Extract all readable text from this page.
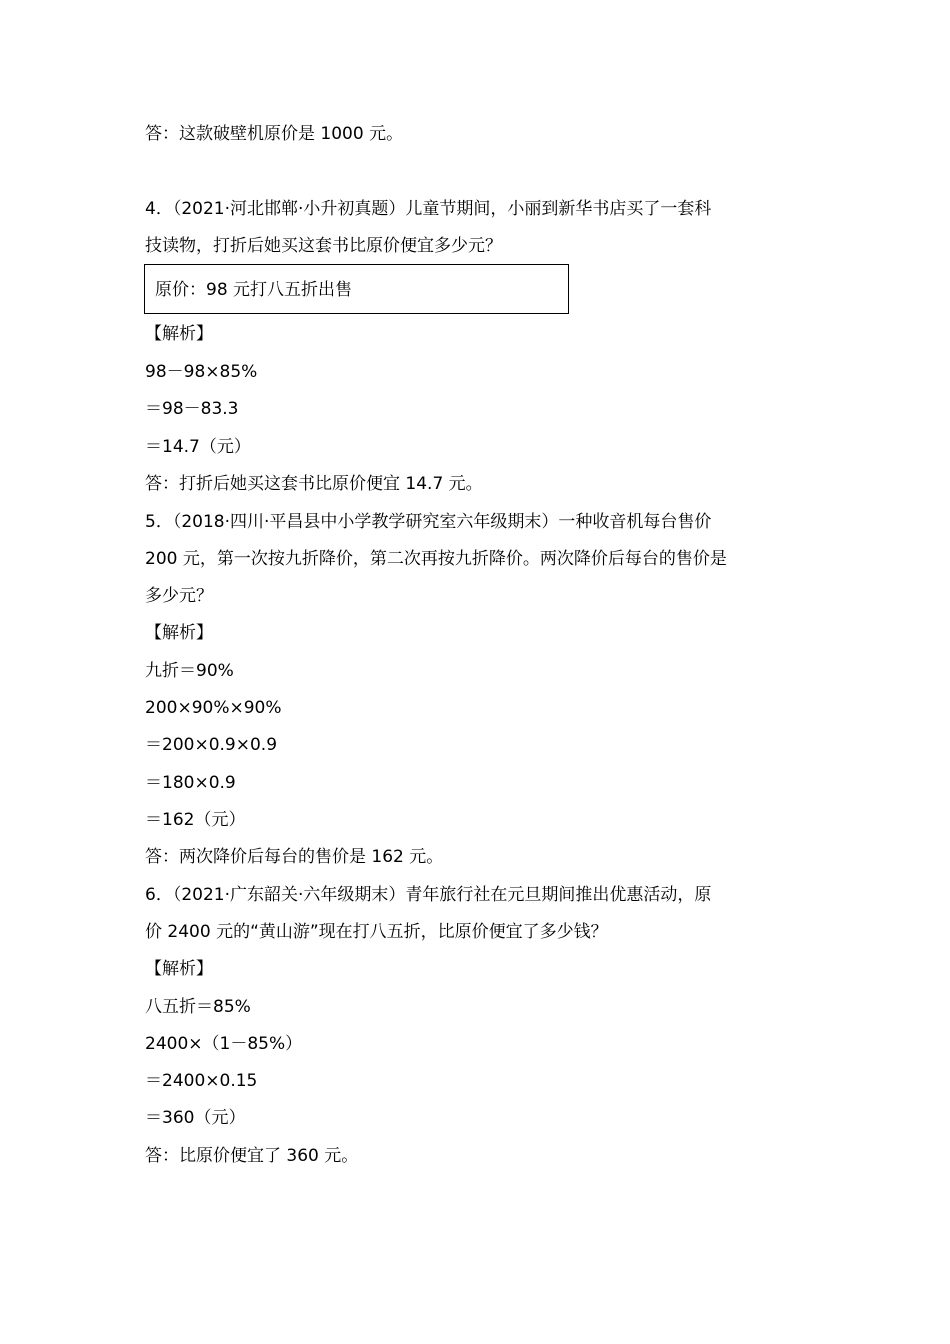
答：这款破壁机原价是 1000 元。
4．（2021·河北邯郸·小升初真题）儿童节期间，小丽到新华书店买了一套科
技读物，打折后她买这套书比原价便宜多少元？
原价：98 元打八五折出售
【解析】
98－98×85%
＝98－83.3
＝14.7（元）
答：打折后她买这套书比原价便宜 14.7 元。
5．（2018·四川·平昌县中小学教学研究室六年级期末）一种收音机每台售价
200 元，第一次按九折降价，第二次再按九折降价。两次降价后每台的售价是
多少元？
【解析】
九折＝90%
200×90%×90%
＝200×0.9×0.9
＝180×0.9
＝162（元）
答：两次降价后每台的售价是 162 元。
6．（2021·广东韶关·六年级期末）青年旅行社在元旦期间推出优惠活动，原
价 2400 元的“黄山游”现在打八五折，比原价便宜了多少钱？
【解析】
八五折＝85%
2400×（1－85%）
＝2400×0.15
＝360（元）
答：比原价便宜了 360 元。
